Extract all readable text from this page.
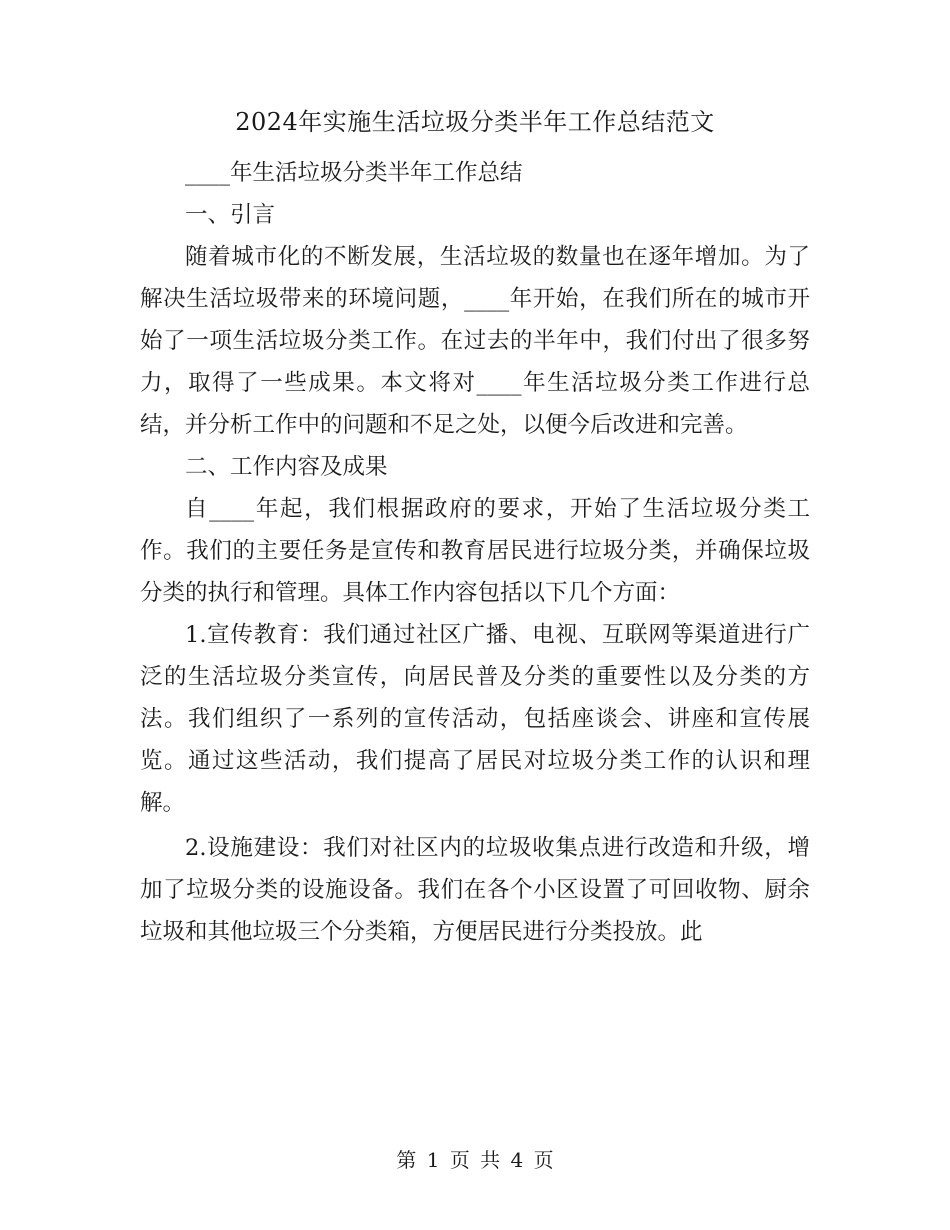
2024年实施生活垃圾分类半年工作总结范文

____年生活垃圾分类半年工作总结

一、引言

随着城市化的不断发展，生活垃圾的数量也在逐年增加。为了解决生活垃圾带来的环境问题，____年开始，在我们所在的城市开始了一项生活垃圾分类工作。在过去的半年中，我们付出了很多努力，取得了一些成果。本文将对____年生活垃圾分类工作进行总结，并分析工作中的问题和不足之处，以便今后改进和完善。

二、工作内容及成果

自____年起，我们根据政府的要求，开始了生活垃圾分类工作。我们的主要任务是宣传和教育居民进行垃圾分类，并确保垃圾分类的执行和管理。具体工作内容包括以下几个方面：

1.宣传教育：我们通过社区广播、电视、互联网等渠道进行广泛的生活垃圾分类宣传，向居民普及分类的重要性以及分类的方法。我们组织了一系列的宣传活动，包括座谈会、讲座和宣传展览。通过这些活动，我们提高了居民对垃圾分类工作的认识和理解。

2.设施建设：我们对社区内的垃圾收集点进行改造和升级，增加了垃圾分类的设施设备。我们在各个小区设置了可回收物、厨余垃圾和其他垃圾三个分类箱，方便居民进行分类投放。此

第 1 页 共 4 页
